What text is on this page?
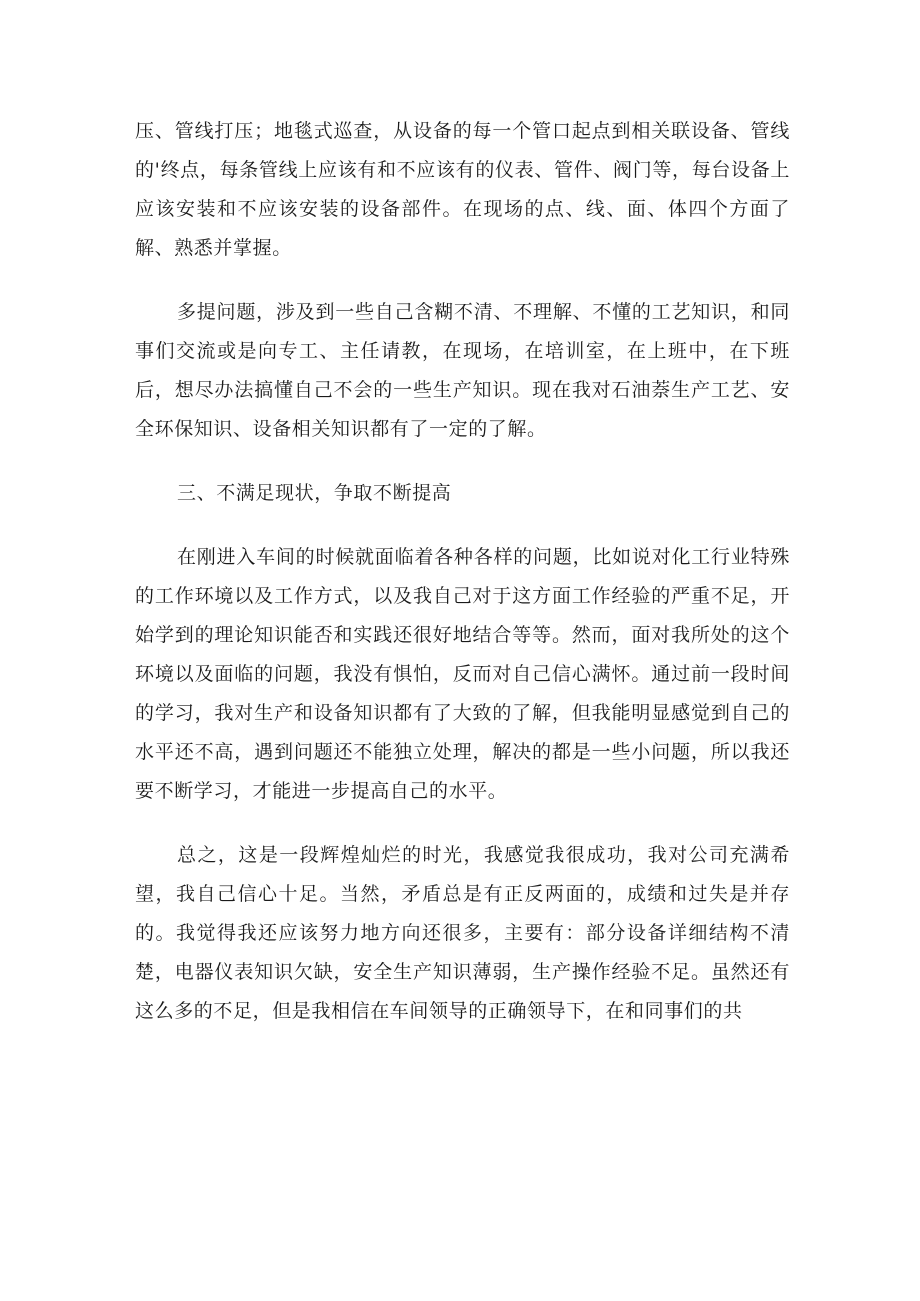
压、管线打压；地毯式巡查，从设备的每一个管口起点到相关联设备、管线的'终点，每条管线上应该有和不应该有的仪表、管件、阀门等，每台设备上应该安装和不应该安装的设备部件。在现场的点、线、面、体四个方面了解、熟悉并掌握。

多提问题，涉及到一些自己含糊不清、不理解、不懂的工艺知识，和同事们交流或是向专工、主任请教，在现场，在培训室，在上班中，在下班后，想尽办法搞懂自己不会的一些生产知识。现在我对石油萘生产工艺、安全环保知识、设备相关知识都有了一定的了解。

三、不满足现状，争取不断提高

在刚进入车间的时候就面临着各种各样的问题，比如说对化工行业特殊的工作环境以及工作方式，以及我自己对于这方面工作经验的严重不足，开始学到的理论知识能否和实践还很好地结合等等。然而，面对我所处的这个环境以及面临的问题，我没有惧怕，反而对自己信心满怀。通过前一段时间的学习，我对生产和设备知识都有了大致的了解，但我能明显感觉到自己的水平还不高，遇到问题还不能独立处理，解决的都是一些小问题，所以我还要不断学习，才能进一步提高自己的水平。

总之，这是一段辉煌灿烂的时光，我感觉我很成功，我对公司充满希望，我自己信心十足。当然，矛盾总是有正反两面的，成绩和过失是并存的。我觉得我还应该努力地方向还很多，主要有：部分设备详细结构不清楚，电器仪表知识欠缺，安全生产知识薄弱，生产操作经验不足。虽然还有这么多的不足，但是我相信在车间领导的正确领导下，在和同事们的共
